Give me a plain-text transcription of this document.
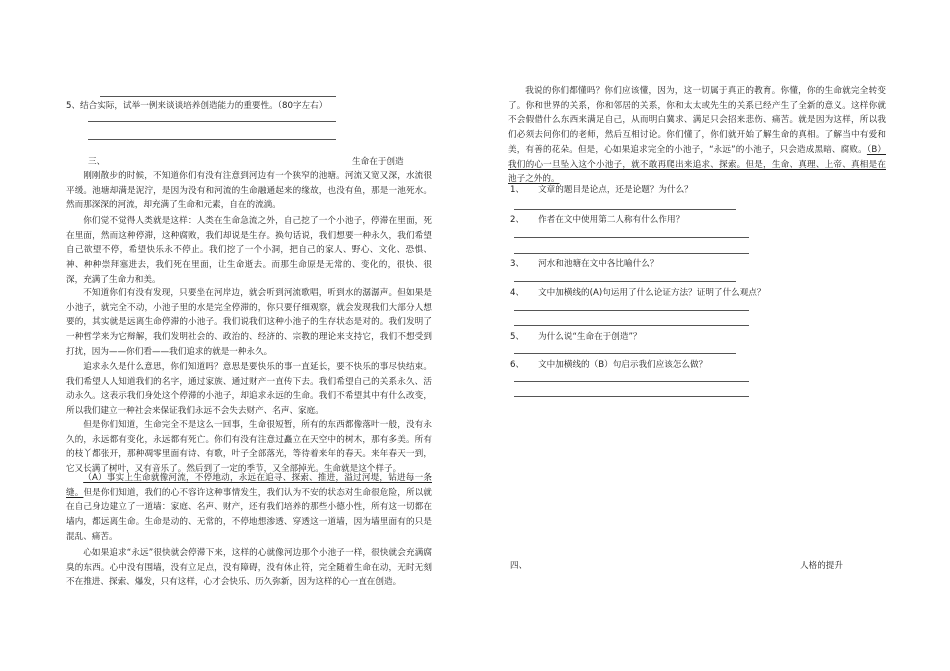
5、结合实际，试举一例来谈谈培养创造能力的重要性。（80字左右）
三、	生命在于创造
刚刚散步的时候，不知道你们有没有注意到河边有一个狭窄的池塘。河流又宽又深，水流很平缓。池塘却满是泥泞，是因为没有和河流的生命融通起来的缘故，也没有鱼，那是一池死水。然而那深深的河流，却充满了生命和元素，自在的流淌。
你们觉不觉得人类就是这样：人类在生命急流之外，自己挖了一个小池子，停滞在里面，死在里面，然而这种停滞，这种腐败，我们却说是生存。换句话说，我们想要一种永久，我们希望自己欲望不停，希望快乐永不停止。我们挖了一个小洞，把自己的家人、野心、文化、恐惧、神、种种崇拜塞进去，我们死在里面，让生命逝去。而那生命原是无常的、变化的，很快、很深，充满了生命力和美。
不知道你们有没有发现，只要坐在河岸边，就会听到河流歌唱，听到水的潺潺声。但如果是小池子，就完全不动，小池子里的水是完全停滞的，你只要仔细观察，就会发现我们大部分人想要的，其实就是远离生命停滞的小池子。我们说我们这种小池子的生存状态是对的。我们发明了一种哲学来为它辩解，我们发明社会的、政治的、经济的、宗教的理论来支持它，我们不想受到打扰，因为——你们看——我们追求的就是一种永久。
追求永久是什么意思，你们知道吗？意思是要快乐的事一直延长，要不快乐的事尽快结束。我们希望人人知道我们的名字，通过家族、通过财产一直传下去。我们希望自己的关系永久、活动永久。这表示我们身处这个停滞的小池子，却追求永远的生命。我们不希望其中有什么改变，所以我们建立一种社会来保证我们永远不会失去财产、名声、家庭。
但是你们知道，生命完全不是这么一回事，生命很短暂，所有的东西都像落叶一般，没有永久的，永远都有变化，永远都有死亡。你们有没有注意过矗立在天空中的树木，那有多美。所有的枝丫都张开，那种凋零里面有诗、有歌，叶子全部落光，等待着来年的春天。来年春天一到，它又长满了树叶，又有音乐了。然后到了一定的季节，又全部掉光。生命就是这个样子。
（A）事实上生命就像河流，不停地动，永远在追寻、探索、推进，溢过河堤，钻进每一条缝。但是你们知道，我们的心不容许这种事情发生，我们认为不安的状态对生命很危险，所以就在自己身边建立了一道墙：家庭、名声、财产，还有我们培养的那些小德小性，所有这一切都在墙内，都远离生命。生命是动的、无常的，不停地想渗透、穿透这一道墙，因为墙里面有的只是混乱、痛苦。
心如果追求“永远”很快就会停滞下来，这样的心就像河边那个小池子一样，很快就会充满腐臭的东西。心中没有围墙，没有立足点，没有障碍，没有休止符，完全随着生命在动，无时无刻不在推进、探索、爆发，只有这样，心才会快乐、历久弥新，因为这样的心一直在创造。
我说的你们都懂吗？你们应该懂，因为，这一切属于真正的教育。你懂，你的生命就完全转变了。你和世界的关系，你和邻居的关系，你和太太或先生的关系已经产生了全新的意义。这样你就不会假借什么东西来满足自己，从而明白冀求、满足只会招来悲伤、痛苦。就是因为这样，所以我们必须去问你们的老师，然后互相讨论。你们懂了，你们就开始了解生命的真相。了解当中有爱和美，有善的花朵。但是，心如果追求完全的小池子，“永远”的小池子，只会造成黑暗、腐败。（B）我们的心一旦坠入这个小池子，就不敢再爬出来追求、探索。但是，生命、真理、上帝、真相是在池子之外的。
1、 文章的题目是论点，还是论题？为什么？
2、 作者在文中使用第二人称有什么作用？
3、 河水和池塘在文中各比喻什么？
4、 文中加横线的(A)句运用了什么论证方法？证明了什么观点？
5、 为什么说“生命在于创造”？
6、 文中加横线的（B）句启示我们应该怎么做？
四、	人格的提升
